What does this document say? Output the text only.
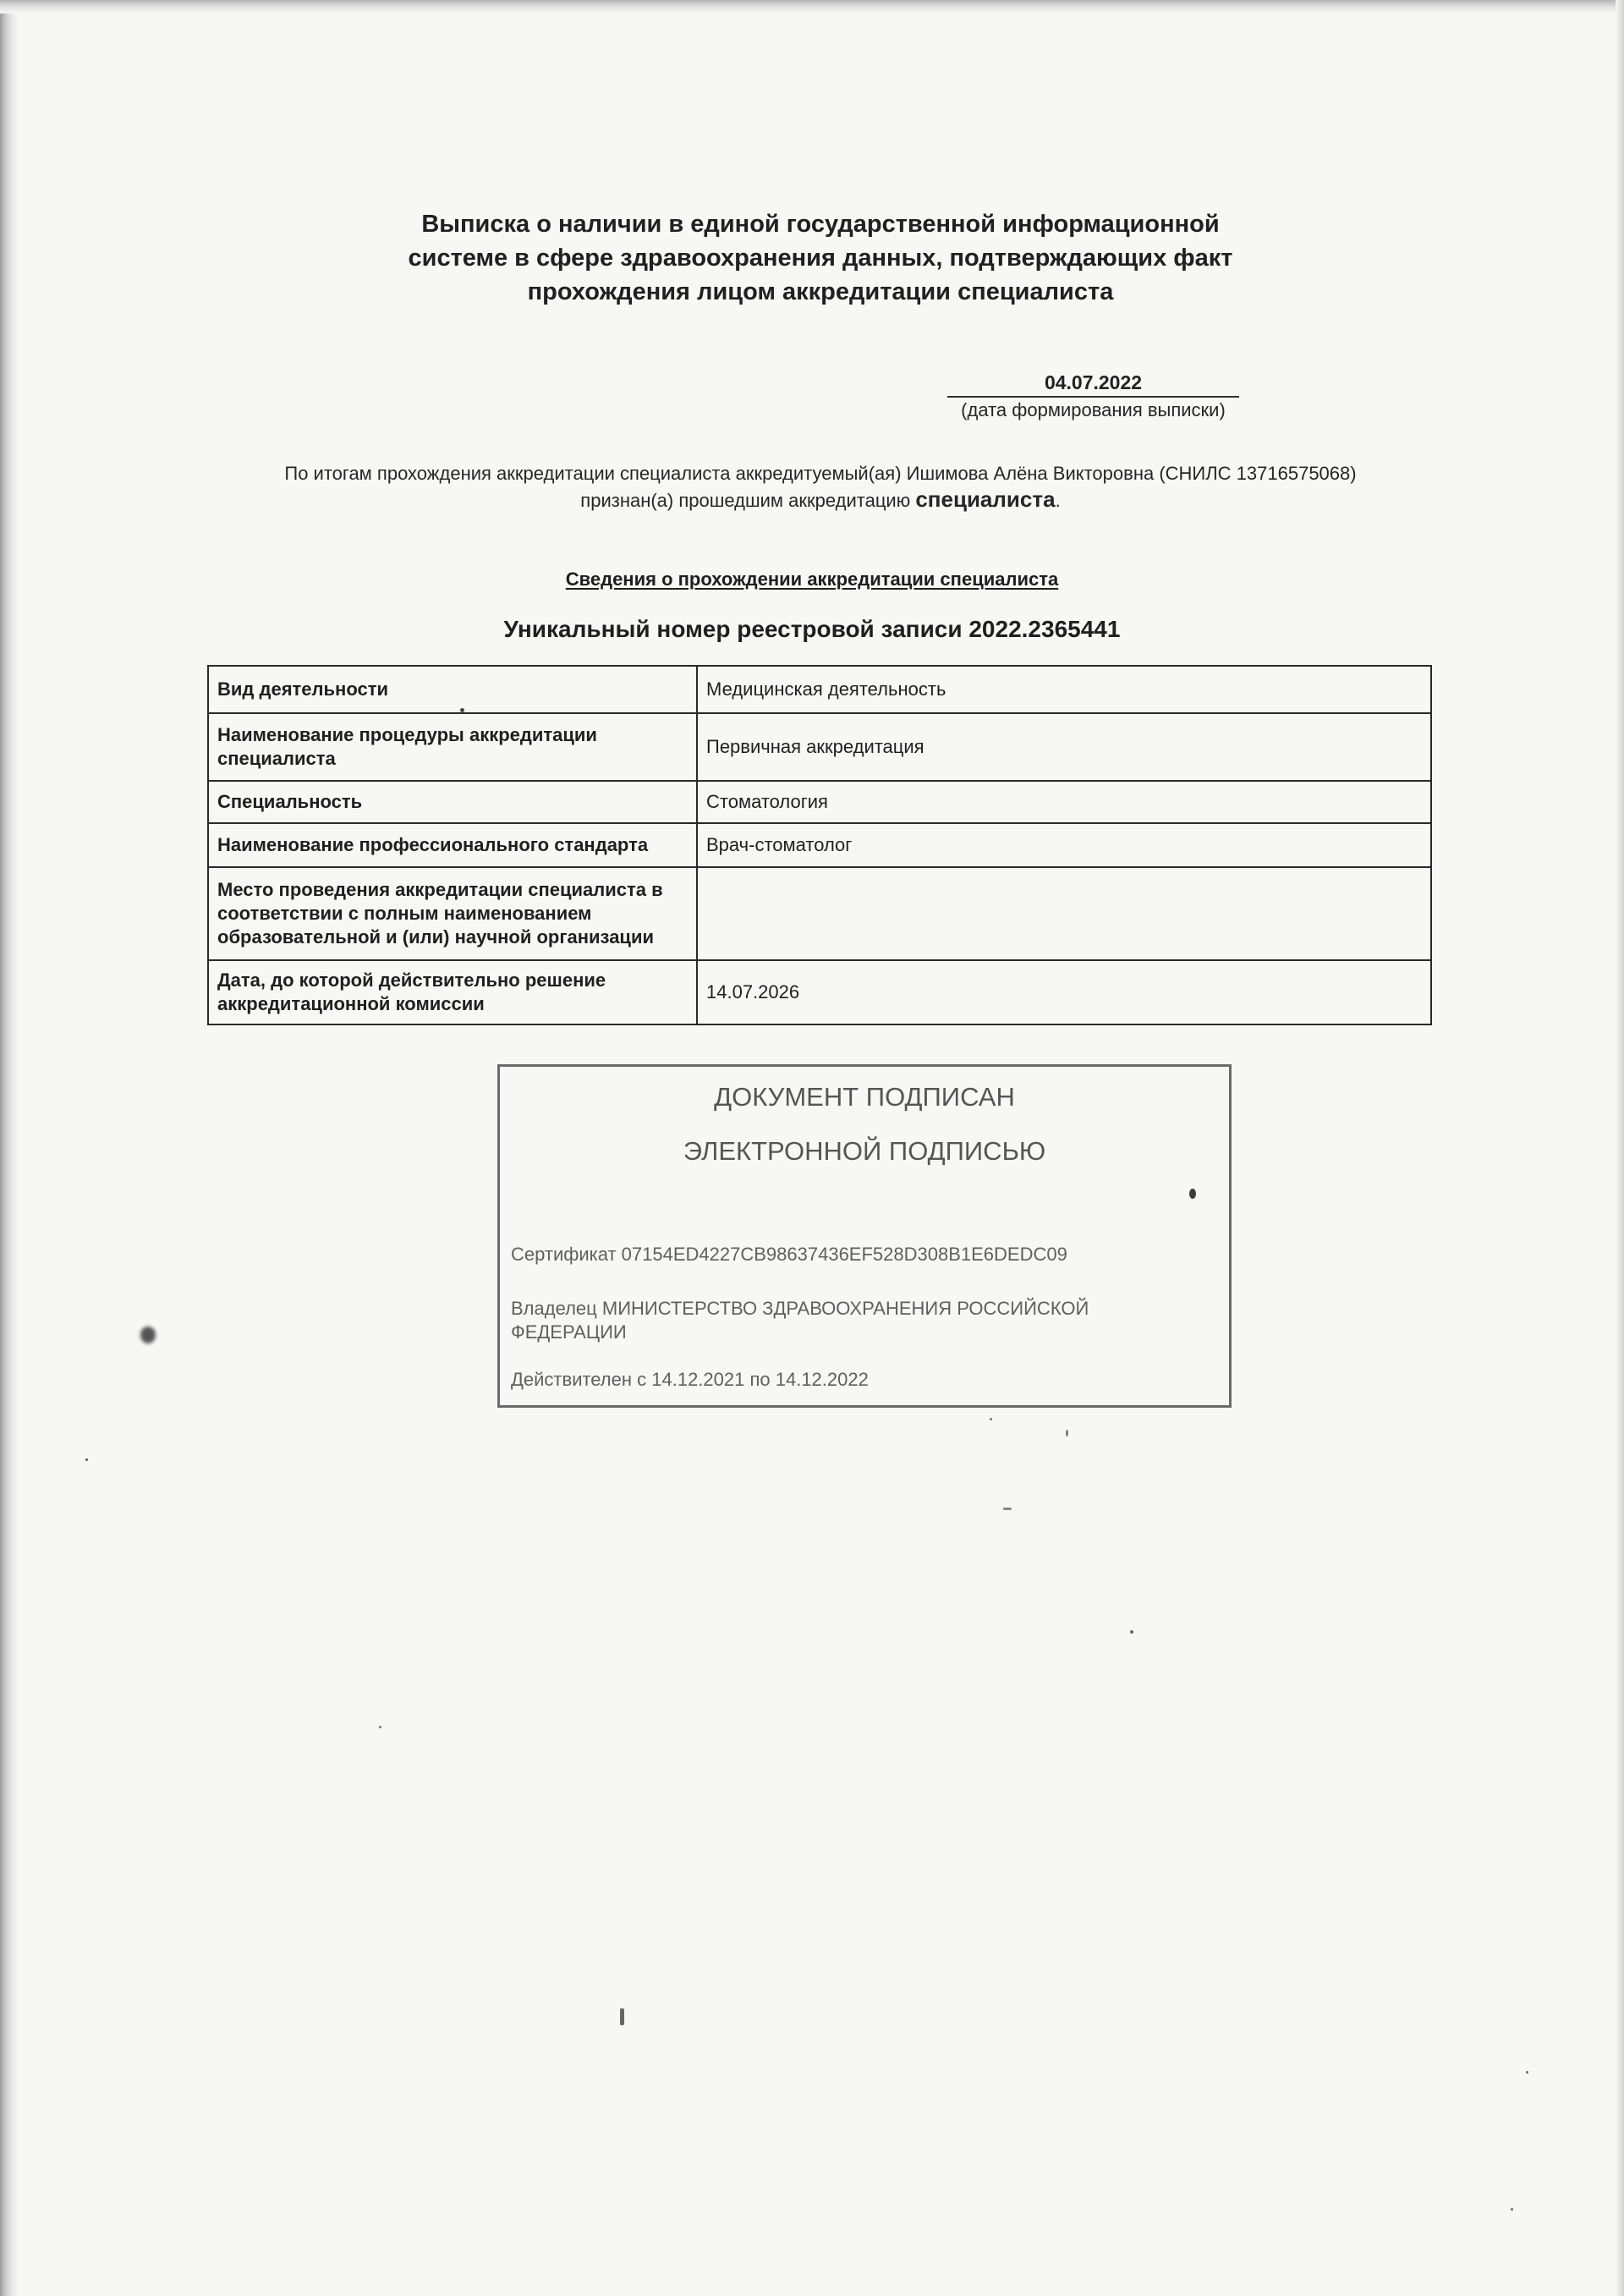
Выписка о наличии в единой государственной информационной
системе в сфере здравоохранения данных, подтверждающих факт
прохождения лицом аккредитации специалиста
04.07.2022
(дата формирования выписки)
По итогам прохождения аккредитации специалиста аккредитуемый(ая) Ишимова Алёна Викторовна (СНИЛС 13716575068)
признан(а) прошедшим аккредитацию специалиста.
Сведения о прохождении аккредитации специалиста
Уникальный номер реестровой записи 2022.2365441
Вид деятельности	Медицинская деятельность
Наименование процедуры аккредитации специалиста	Первичная аккредитация
Специальность	Стоматология
Наименование профессионального стандарта	Врач-стоматолог
Место проведения аккредитации специалиста в соответствии с полным наименованием образовательной и (или) научной организации	
Дата, до которой действительно решение аккредитационной комиссии	14.07.2026
ДОКУМЕНТ ПОДПИСАН
ЭЛЕКТРОННОЙ ПОДПИСЬЮ
Сертификат 07154ED4227CB98637436EF528D308B1E6DEDC09
Владелец МИНИСТЕРСТВО ЗДРАВООХРАНЕНИЯ РОССИЙСКОЙ ФЕДЕРАЦИИ
Действителен с 14.12.2021 по 14.12.2022
